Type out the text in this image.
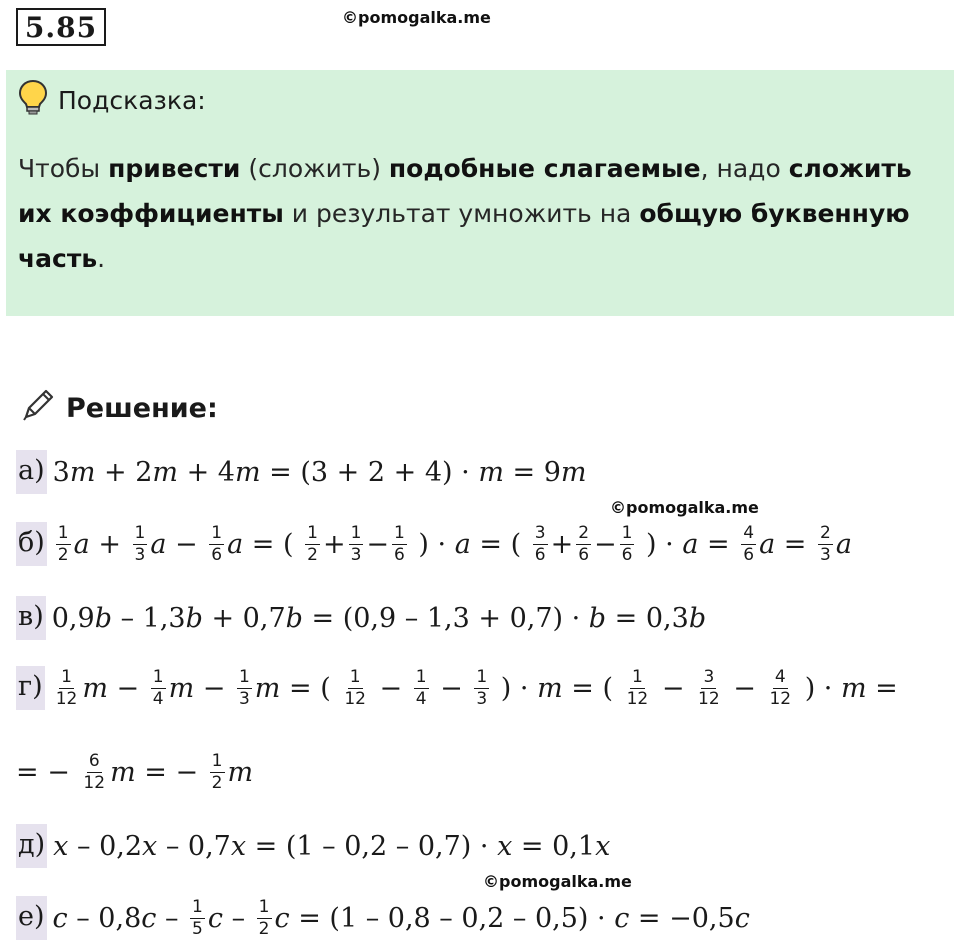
5.85	©pomogalka.me
Подсказка:
Чтобы привести (сложить) подобные слагаемые, надо сложить их коэффициенты и результат умножить на общую буквенную часть.
Решение:
а) 3 m + 2 m + 4 m = (3 + 2 + 4) · m = 9 m
$б) \frac{1}{2}$ $a + \frac{1}{3}$ $a - \frac{1}{6}$ a = ( $\frac{1}{2} + \frac{1}{3} - \frac{1}{6}$ ) · a = ( $\frac{3}{6} + \frac{2}{6} - \frac{1}{6}$ ) · $a = \frac{4}{6}$ $a = \frac{2}{3}$ a
в) 0,9 b – 1,3 b + 0,7 b = (0,9 – 1,3 + 0,7) · b = 0,3 b
$г) \frac{1}{12}$ $m - \frac{1}{4}$ $m - \frac{1}{3}$ m = ( $\frac{1}{12} - \frac{1}{4} - \frac{1}{3}$ ) · m = ( $\frac{1}{12} - \frac{3}{12} - \frac{4}{12}$ ) · m =
= − $\frac{6}{12}$ m = − $\frac{1}{2}$ m
д) x – 0,2 x – 0,7 x = (1 – 0,2 – 0,7) · x = 0,1 x
е) c – 0,8 c – $\frac{1}{5}$ c – $\frac{1}{2}$ c = (1 – 0,8 – 0,2 – 0,5) · c = −0,5 c
©pomogalka.me
©pomogalka.me
